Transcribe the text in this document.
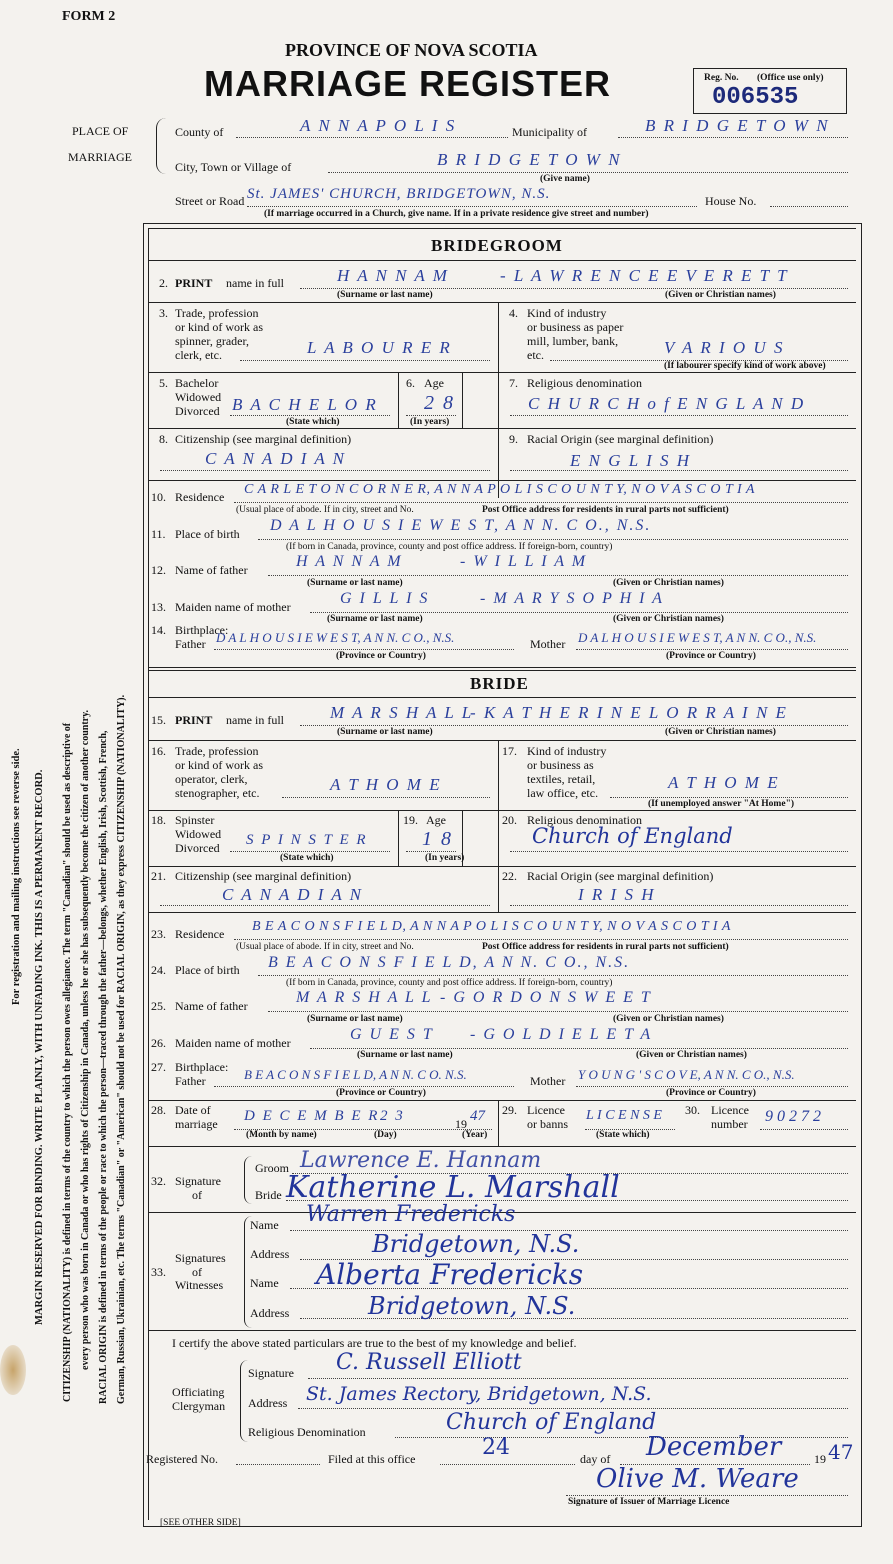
FORM 2
PROVINCE OF NOVA SCOTIA
MARRIAGE REGISTER	Reg. No. (Office use only)
006535
For registration and mailing instructions see reverse side. MARGIN RESERVED FOR BINDING. WRITE PLAINLY, WITH UNFADING INK. THIS IS A PERMANENT RECORD. CITIZENSHIP (NATIONALITY) is defined in terms of the country to which the person owes allegiance. The term "Canadian" should be used as descriptive of every person who was born in Canada or who has rights of Citizenship in Canada, unless he or she has subsequently become the citizen of another country. RACIAL ORIGIN is defined in terms of the people or race to which the person—traced through the father—belongs, whether English, Irish, Scottish, French, German, Russian, Ukrainian, etc. The terms "Canadian" or "American" should not be used for RACIAL ORIGIN, as they express CITIZENSHIP (NATIONALITY).
PLACE OF
MARRIAGE
County of	A N N A P O L I S	Municipality of	B R I D G E T O W N
City, Town or Village of	B R I D G E T O W N
(Give name)
Street or Road St. JAMES' CHURCH, BRIDGETOWN, N.S.	House No.
(If marriage occurred in a Church, give name. If in a private residence give street and number)
BRIDEGROOM
2. PRINT name in full	H A N N A M	- L A W R E N C E E V E R E T T
(Surname or last name)	(Given or Christian names)
3. Trade, profession
or kind of work as
spinner, grader,
clerk, etc.	L A B O U R E R
4. Kind of industry
or business as paper
mill, lumber, bank,
etc.	V A R I O U S
(If labourer specify kind of work above)
5. Bachelor
Widowed
Divorced B A C H E L O R
(State which)
6. Age
2 8
(In years)
7. Religious denomination
C H U R C H o f E N G L A N D
8. Citizenship (see marginal definition)
C A N A D I A N
9. Racial Origin (see marginal definition)
E N G L I S H
10. Residence C A R L E T O N C O R N E R, A N N A P O L I S C O U N T Y, N O V A S C O T I A
(Usual place of abode. If in city, street and No.	Post Office address for residents in rural parts not sufficient)
11. Place of birth D A L H O U S I E W E S T, A N N. C O., N.S.
(If born in Canada, province, county and post office address. If foreign-born, country)
12. Name of father	H A N N A M	- W I L L I A M
(Surname or last name)	(Given or Christian names)
13. Maiden name of mother	G I L L I S	- M A R Y S O P H I A
(Surname or last name)	(Given or Christian names)
14. Birthplace:
Father D A L H O U S I E W E S T, A N N. C O., N.S.	Mother D A L H O U S I E W E S T, A N N. C O., N.S.
(Province or Country)	(Province or Country)
BRIDE
15. PRINT name in full	M A R S H A L L
- K A T H E R I N E L O R R A I N E
(Surname or last name)	(Given or Christian names)
16. Trade, profession
or kind of work as
operator, clerk,
stenographer, etc.	A T H O M E
17. Kind of industry
or business as
textiles, retail,
law office, etc.
A T H O M E
(If unemployed answer "At Home")
18. Spinster
Widowed
Divorced S P I N S T E R
(State which)
19. Age
1 8
(In years)
20. Religious denomination
Church of England
21. Citizenship (see marginal definition)
C A N A D I A N
22. Racial Origin (see marginal definition)
I R I S H
23. Residence B E A C O N S F I E L D, A N N A P O L I S C O U N T Y, N O V A S C O T I A
(Usual place of abode. If in city, street and No.	Post Office address for residents in rural parts not sufficient)
24. Place of birth B E A C O N S F I E L D, A N N. C O., N.S.
(If born in Canada, province, county and post office address. If foreign-born, country)
25. Name of father	M A R S H A L L - G O R D O N S W E E T
(Surname or last name)	(Given or Christian names)
26. Maiden name of mother	G U E S T - G O L D I E L E T A
(Surname or last name)	(Given or Christian names)
27. Birthplace:
Father	B E A C O N S F I E L D, A N N. C O. N.S.	Mother Y O U N G ' S C O V E, A N N. C O., N.S.
(Province or Country)	(Province or Country)
28. Date of
marriage D E C E M B E R 2 3	19 47
(Month by name)	(Day)	(Year)
29. Licence
or banns
L I C E N S E
(State which)
30. Licence
number 9 0 2 7 2
32. Signature
of
Groom Lawrence E. Hannam
Bride Katherine L. Marshall
33.
Signatures
of
Witnesses
Name Warren Fredericks
Address	Bridgetown, N.S.
Name Alberta Fredericks
Address	Bridgetown, N.S.
I certify the above stated particulars are true to the best of my knowledge and belief.
Officiating
Clergyman
Signature C. Russell Elliott
Address St. James Rectory, Bridgetown, N.S.
Religious Denomination	Church of England
Registered No.	Filed at this office	24	day of December	19 47
Olive M. Weare
Signature of Issuer of Marriage Licence
[SEE OTHER SIDE]
